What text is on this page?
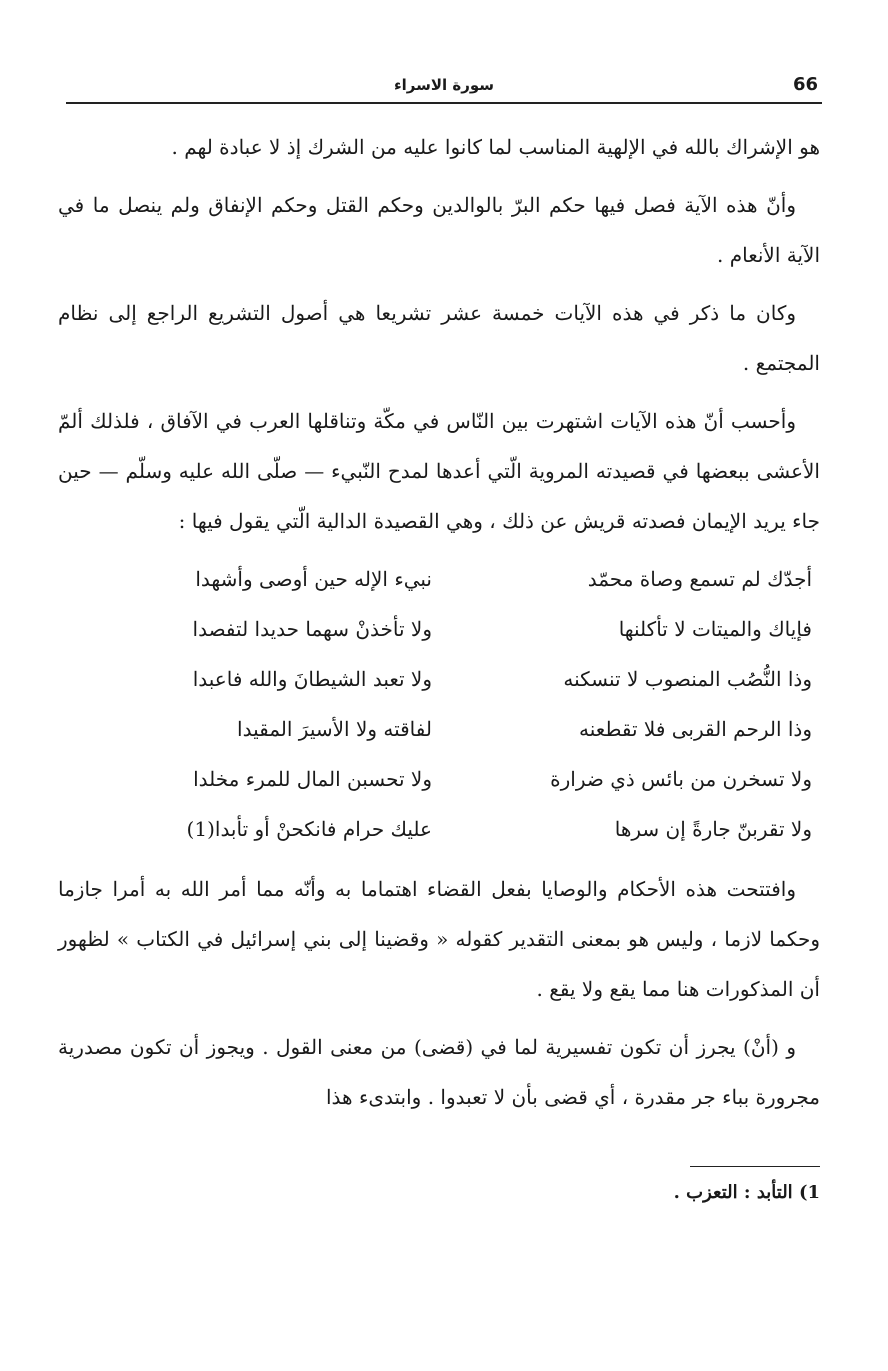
66
سورة الاسراء

هو الإشراك بالله في الإلهية المناسب لما كانوا عليه من الشرك إذ لا عبادة لهم .

وأنّ هذه الآية فصل فيها حكم البرّ بالوالدين وحكم القتل وحكم الإنفاق ولم ينصل ما في الآية الأنعام .

وكان ما ذكر في هذه الآيات خمسة عشر تشريعا هي أصول التشريع الراجع إلى نظام المجتمع .

وأحسب أنّ هذه الآيات اشتهرت بين النّاس في مكّة وتناقلها العرب في الآفاق ، فلذلك ألمّ الأعشى ببعضها في قصيدته المروية الّتي أعدها لمدح النّبيء — صلّى الله عليه وسلّم — حين جاء يريد الإيمان فصدته قريش عن ذلك ، وهي القصيدة الدالية الّتي يقول فيها :

أجدّك لم تسمع وصاة محمّد
نبيء الإله حين أوصى وأشهدا
فإياك والميتات لا تأكلنها
ولا تأخذنْ سهما حديدا لتفصدا
وذا النُّصُب المنصوب لا تنسكنه
ولا تعبد الشيطانَ والله فاعبدا
وذا الرحم القربى فلا تقطعنه
لفاقته ولا الأسيرَ المقيدا
ولا تسخرن من بائس ذي ضرارة
ولا تحسبن المال للمرء مخلدا
ولا تقربنّ جارةً إن سرها
عليك حرام فانكحنْ أو تأبدا(1)

وافتتحت هذه الأحكام والوصايا بفعل القضاء اهتماما به وأنّه مما أمر الله به أمرا جازما وحكما لازما ، وليس هو بمعنى التقدير كقوله « وقضينا إلى بني إسرائيل في الكتاب » لظهور أن المذكورات هنا مما يقع ولا يقع .

و (أنْ) يجرز أن تكون تفسيرية لما في (قضى) من معنى القول . ويجوز أن تكون مصدرية مجرورة بباء جر مقدرة ، أي قضى بأن لا تعبدوا . وابتدىء هذا

1) التأبد : التعزب .
